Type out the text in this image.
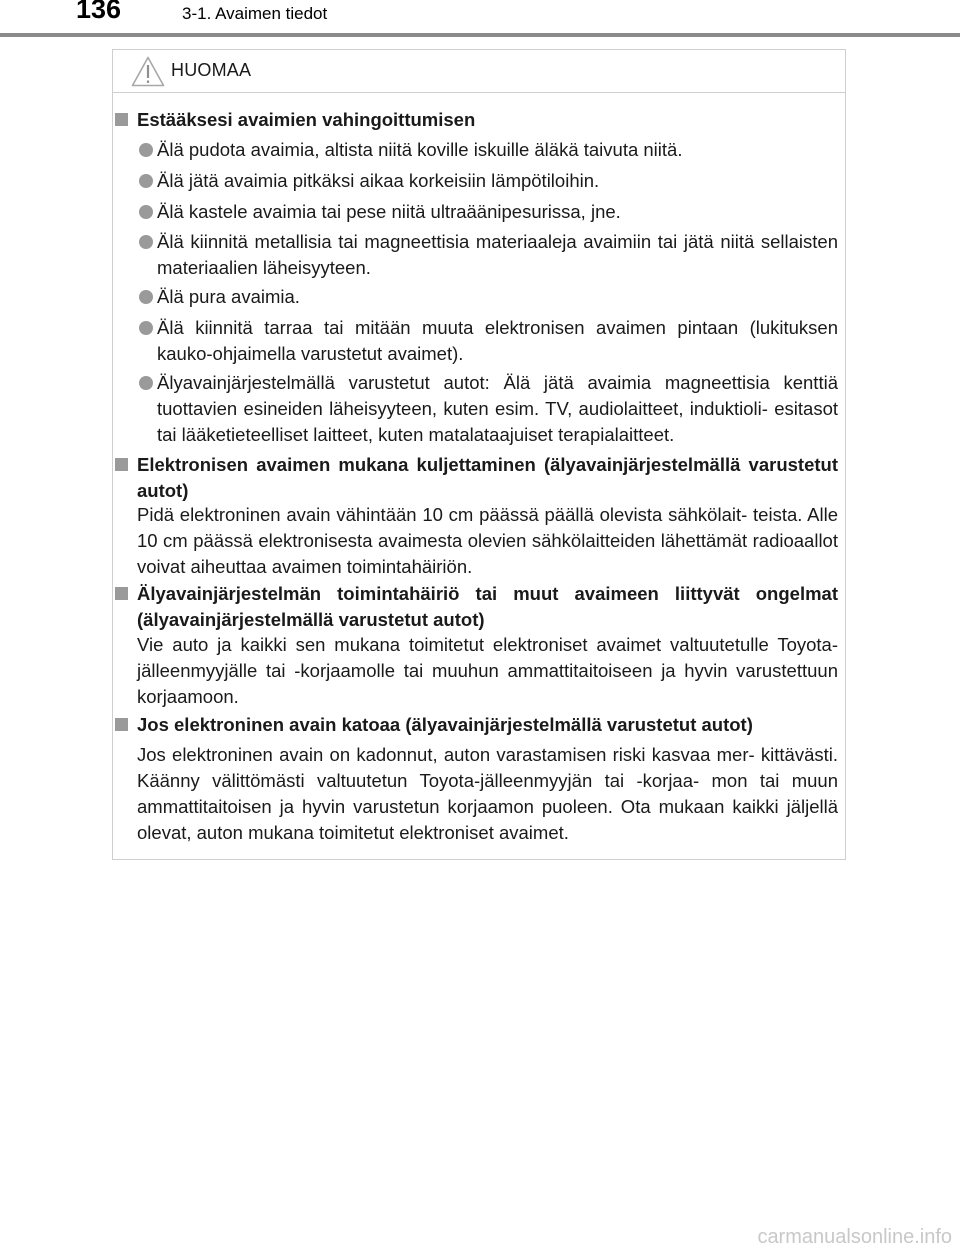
136	3-1. Avaimen tiedot
HUOMAA
Estääksesi avaimien vahingoittumisen
Älä pudota avaimia, altista niitä koville iskuille äläkä taivuta niitä.
Älä jätä avaimia pitkäksi aikaa korkeisiin lämpötiloihin.
Älä kastele avaimia tai pese niitä ultraäänipesurissa, jne.
Älä kiinnitä metallisia tai magneettisia materiaaleja avaimiin tai jätä niitä sellaisten materiaalien läheisyyteen.
Älä pura avaimia.
Älä kiinnitä tarraa tai mitään muuta elektronisen avaimen pintaan (lukituksen kauko-ohjaimella varustetut avaimet).
Älyavainjärjestelmällä varustetut autot: Älä jätä avaimia magneettisia kenttiä tuottavien esineiden läheisyyteen, kuten esim. TV, audiolaitteet, induktioli- esitasot tai lääketieteelliset laitteet, kuten matalataajuiset terapialaitteet.
Elektronisen avaimen mukana kuljettaminen (älyavainjärjestelmällä varustetut autot)
Pidä elektroninen avain vähintään 10 cm päässä päällä olevista sähkölait- teista. Alle 10 cm päässä elektronisesta avaimesta olevien sähkölaitteiden lähettämät radioaallot voivat aiheuttaa avaimen toimintahäiriön.
Älyavainjärjestelmän toimintahäiriö tai muut avaimeen liittyvät ongelmat (älyavainjärjestelmällä varustetut autot)
Vie auto ja kaikki sen mukana toimitetut elektroniset avaimet valtuutetulle Toyota-jälleenmyyjälle tai -korjaamolle tai muuhun ammattitaitoiseen ja hyvin varustettuun korjaamoon.
Jos elektroninen avain katoaa (älyavainjärjestelmällä varustetut autot)
Jos elektroninen avain on kadonnut, auton varastamisen riski kasvaa mer- kittävästi. Käänny välittömästi valtuutetun Toyota-jälleenmyyjän tai -korjaa- mon tai muun ammattitaitoisen ja hyvin varustetun korjaamon puoleen. Ota mukaan kaikki jäljellä olevat, auton mukana toimitetut elektroniset avaimet.
carmanualsonline.info
